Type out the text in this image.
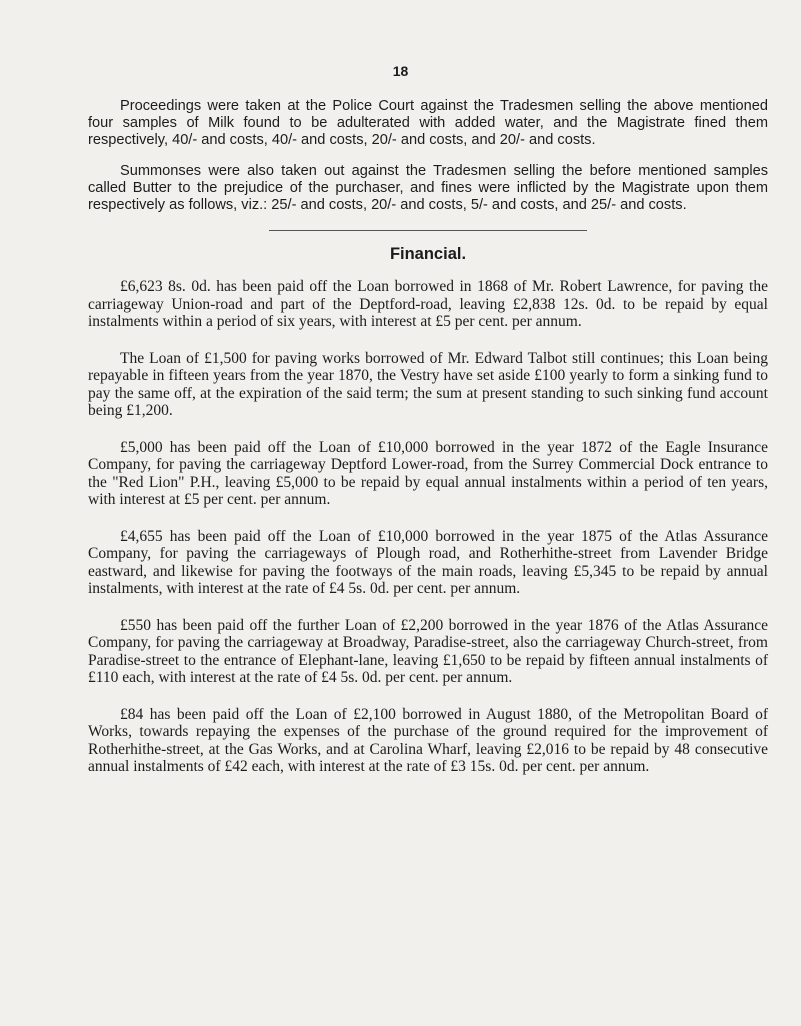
18

Proceedings were taken at the Police Court against the Tradesmen selling the above mentioned four samples of Milk found to be adulterated with added water, and the Magistrate fined them respectively, 40/- and costs, 40/- and costs, 20/- and costs, and 20/- and costs.

Summonses were also taken out against the Tradesmen selling the before mentioned samples called Butter to the prejudice of the purchaser, and fines were inflicted by the Magistrate upon them respectively as follows, viz.: 25/- and costs, 20/- and costs, 5/- and costs, and 25/- and costs.

Financial.

£6,623 8s. 0d. has been paid off the Loan borrowed in 1868 of Mr. Robert Lawrence, for paving the carriageway Union-road and part of the Deptford-road, leaving £2,838 12s. 0d. to be repaid by equal instalments within a period of six years, with interest at £5 per cent. per annum.

The Loan of £1,500 for paving works borrowed of Mr. Edward Talbot still continues; this Loan being repayable in fifteen years from the year 1870, the Vestry have set aside £100 yearly to form a sinking fund to pay the same off, at the expiration of the said term; the sum at present standing to such sinking fund account being £1,200.

£5,000 has been paid off the Loan of £10,000 borrowed in the year 1872 of the Eagle Insurance Company, for paving the carriageway Deptford Lower-road, from the Surrey Commercial Dock entrance to the "Red Lion" P.H., leaving £5,000 to be repaid by equal annual instalments within a period of ten years, with interest at £5 per cent. per annum.

£4,655 has been paid off the Loan of £10,000 borrowed in the year 1875 of the Atlas Assurance Company, for paving the carriageways of Plough road, and Rotherhithe-street from Lavender Bridge eastward, and likewise for paving the footways of the main roads, leaving £5,345 to be repaid by annual instalments, with interest at the rate of £4 5s. 0d. per cent. per annum.

£550 has been paid off the further Loan of £2,200 borrowed in the year 1876 of the Atlas Assurance Company, for paving the carriageway at Broadway, Paradise-street, also the carriageway Church-street, from Paradise-street to the entrance of Elephant-lane, leaving £1,650 to be repaid by fifteen annual instalments of £110 each, with interest at the rate of £4 5s. 0d. per cent. per annum.

£84 has been paid off the Loan of £2,100 borrowed in August 1880, of the Metropolitan Board of Works, towards repaying the expenses of the purchase of the ground required for the improvement of Rotherhithe-street, at the Gas Works, and at Carolina Wharf, leaving £2,016 to be repaid by 48 consecutive annual instalments of £42 each, with interest at the rate of £3 15s. 0d. per cent. per annum.
